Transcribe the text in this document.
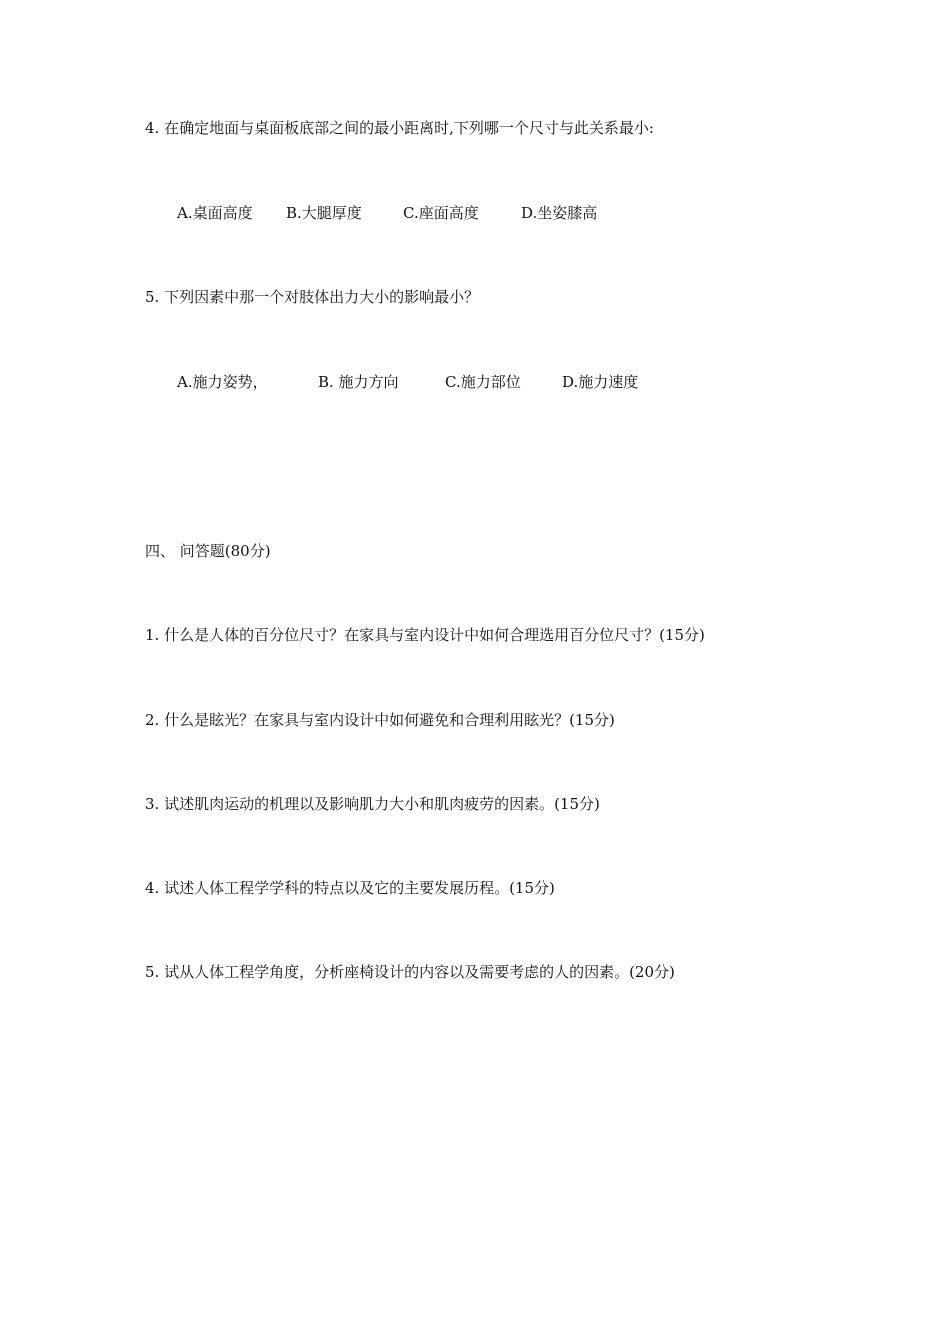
4. 在确定地面与桌面板底部之间的最小距离时,下列哪一个尺寸与此关系最小:
A.桌面高度 B.大腿厚度	C.座面高度	D.坐姿膝高
5. 下列因素中那一个对肢体出力大小的影响最小？
A.施力姿势，	B. 施力方向	C.施力部位	D.施力速度
四、 问答题(80分)
1. 什么是人体的百分位尺寸？在家具与室内设计中如何合理选用百分位尺寸？(15分)
2. 什么是眩光？在家具与室内设计中如何避免和合理利用眩光？(15分)
3. 试述肌肉运动的机理以及影响肌力大小和肌肉疲劳的因素。(15分)
4. 试述人体工程学学科的特点以及它的主要发展历程。(15分)
5. 试从人体工程学角度，分析座椅设计的内容以及需要考虑的人的因素。(20分)
